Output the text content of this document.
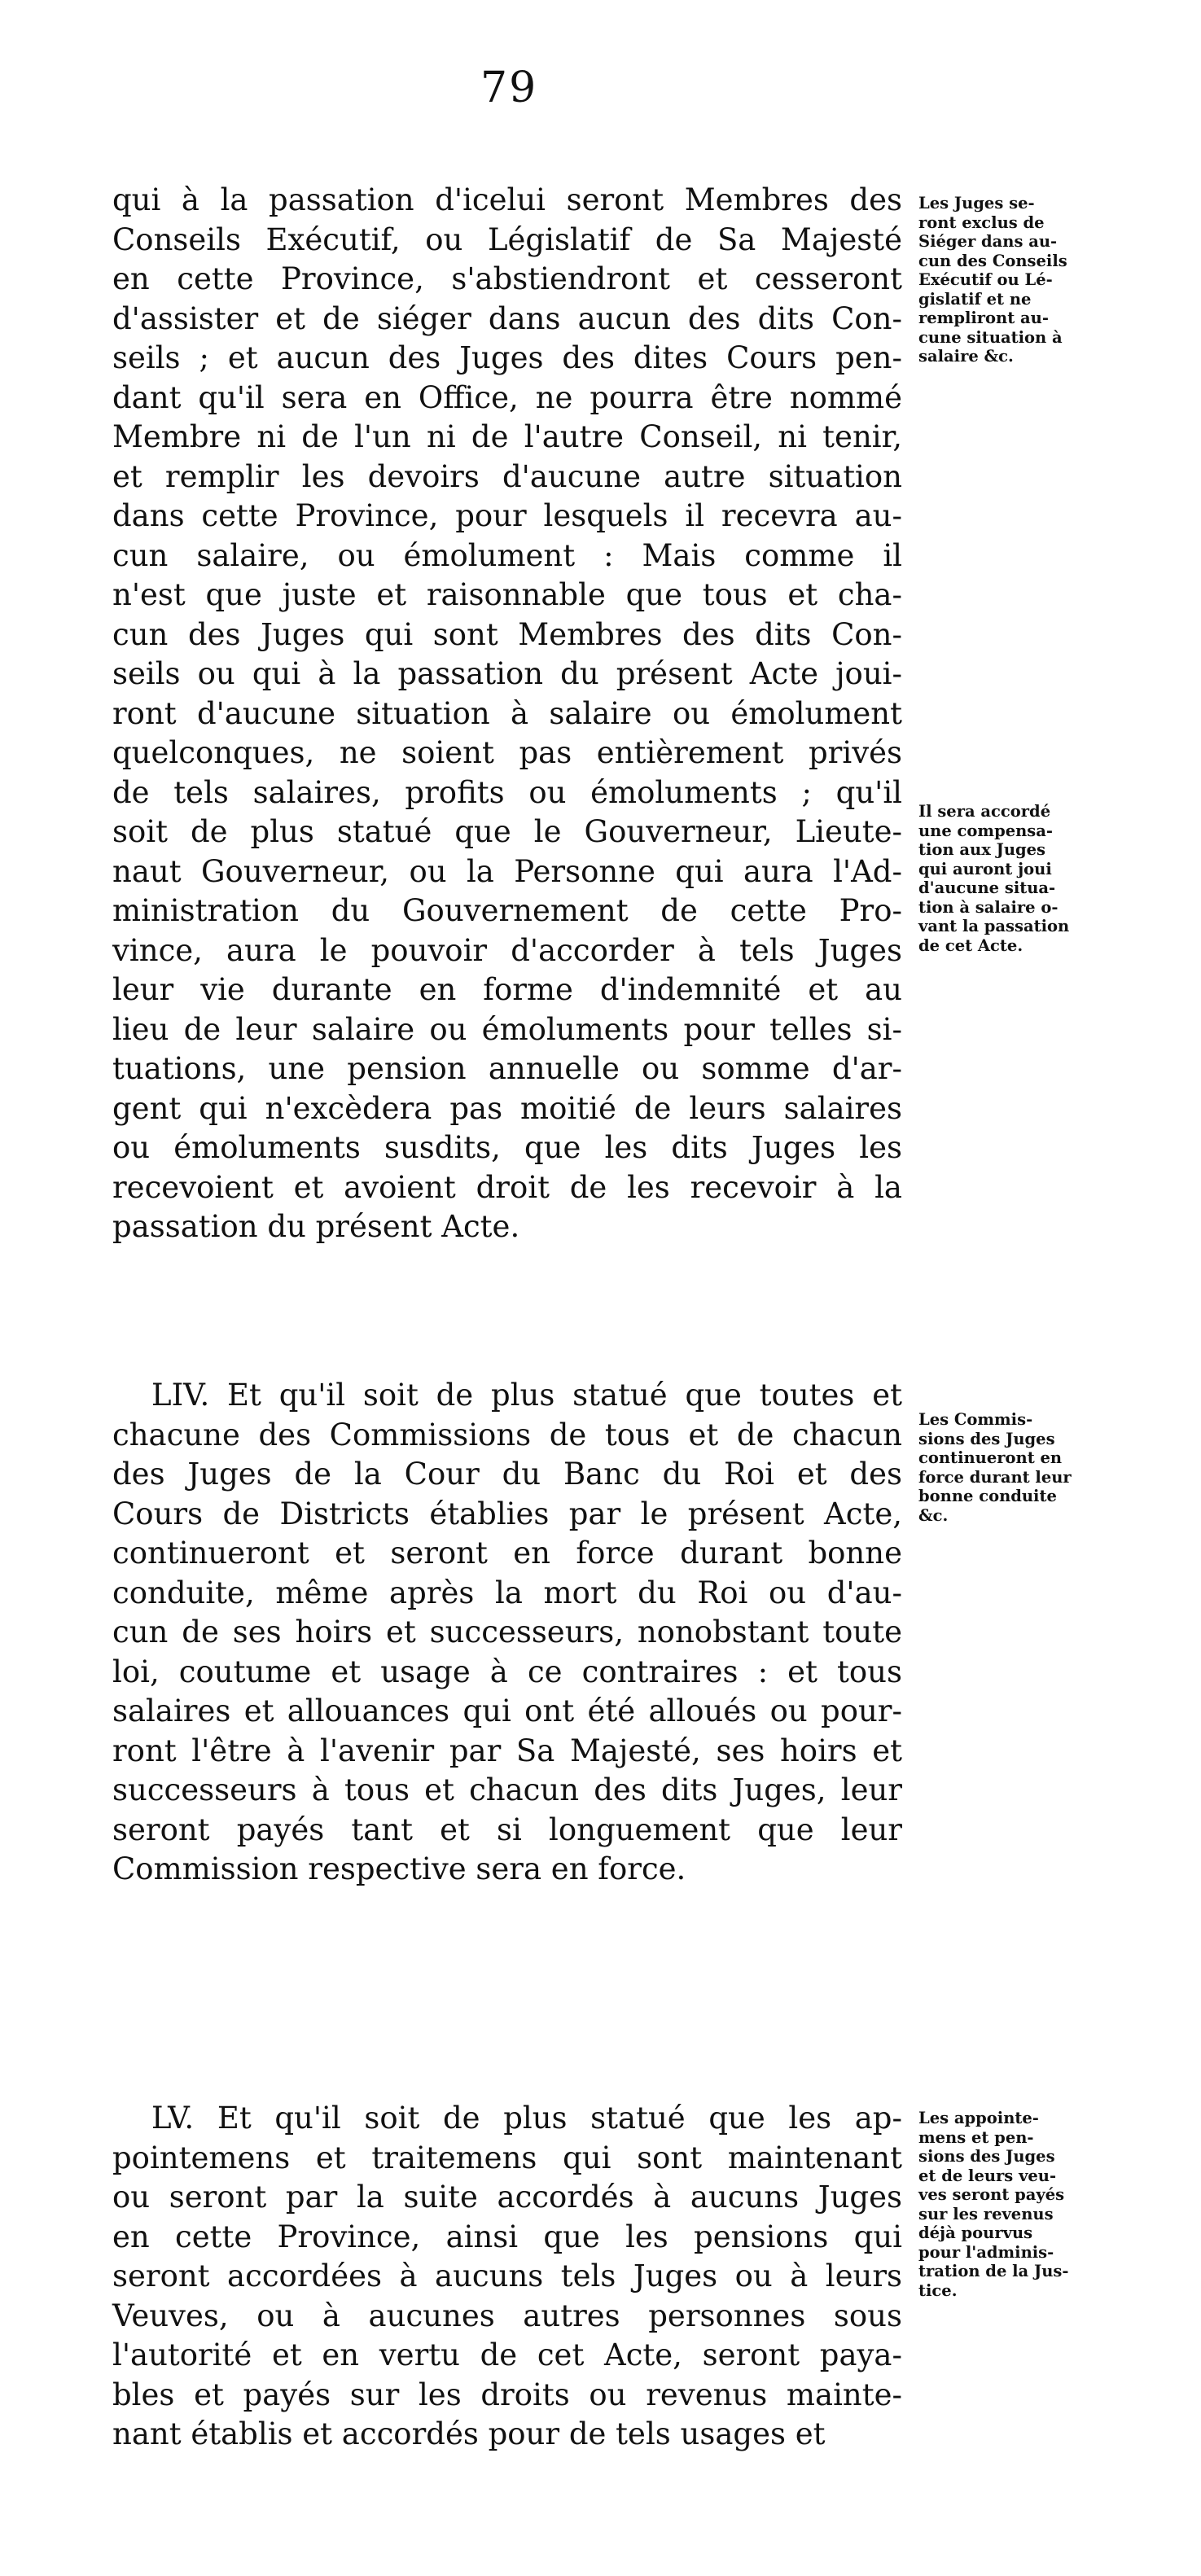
79
qui à la passation d'icelui seront Membres des
Conseils Exécutif, ou Législatif de Sa Majesté
en cette Province, s'abstiendront et cesseront
d'assister et de siéger dans aucun des dits Con-
seils ; et aucun des Juges des dites Cours pen-
dant qu'il sera en Office, ne pourra être nommé
Membre ni de l'un ni de l'autre Conseil, ni tenir,
et remplir les devoirs d'aucune autre situation
dans cette Province, pour lesquels il recevra au-
cun salaire, ou émolument : Mais comme il
n'est que juste et raisonnable que tous et cha-
cun des Juges qui sont Membres des dits Con-
seils ou qui à la passation du présent Acte joui-
ront d'aucune situation à salaire ou émolument
quelconques, ne soient pas entièrement privés
de tels salaires, profits ou émoluments ; qu'il
soit de plus statué que le Gouverneur, Lieute-
naut Gouverneur, ou la Personne qui aura l'Ad-
ministration du Gouvernement de cette Pro-
vince, aura le pouvoir d'accorder à tels Juges
leur vie durante en forme d'indemnité et au
lieu de leur salaire ou émoluments pour telles si-
tuations, une pension annuelle ou somme d'ar-
gent qui n'excèdera pas moitié de leurs salaires
ou émoluments susdits, que les dits Juges les
recevoient et avoient droit de les recevoir à la
passation du présent Acte.
LIV. Et qu'il soit de plus statué que toutes et
chacune des Commissions de tous et de chacun
des Juges de la Cour du Banc du Roi et des
Cours de Districts établies par le présent Acte,
continueront et seront en force durant bonne
conduite, même après la mort du Roi ou d'au-
cun de ses hoirs et successeurs, nonobstant toute
loi, coutume et usage à ce contraires : et tous
salaires et allouances qui ont été alloués ou pour-
ront l'être à l'avenir par Sa Majesté, ses hoirs et
successeurs à tous et chacun des dits Juges, leur
seront payés tant et si longuement que leur
Commission respective sera en force.
LV. Et qu'il soit de plus statué que les ap-
pointemens et traitemens qui sont maintenant
ou seront par la suite accordés à aucuns Juges
en cette Province, ainsi que les pensions qui
seront accordées à aucuns tels Juges ou à leurs
Veuves, ou à aucunes autres personnes sous
l'autorité et en vertu de cet Acte, seront paya-
bles et payés sur les droits ou revenus mainte-
nant établis et accordés pour de tels usages et
Les Juges se-
ront exclus de
Siéger dans au-
cun des Conseils
Exécutif ou Lé-
gislatif et ne
rempliront au-
cune situation à
salaire &c.
Il sera accordé
une compensa-
tion aux Juges
qui auront joui
d'aucune situa-
tion à salaire o-
vant la passation
de cet Acte.
Les Commis-
sions des Juges
continueront en
force durant leur
bonne conduite
&c.
Les appointe-
mens et pen-
sions des Juges
et de leurs veu-
ves seront payés
sur les revenus
déjà pourvus
pour l'adminis-
tration de la Jus-
tice.
